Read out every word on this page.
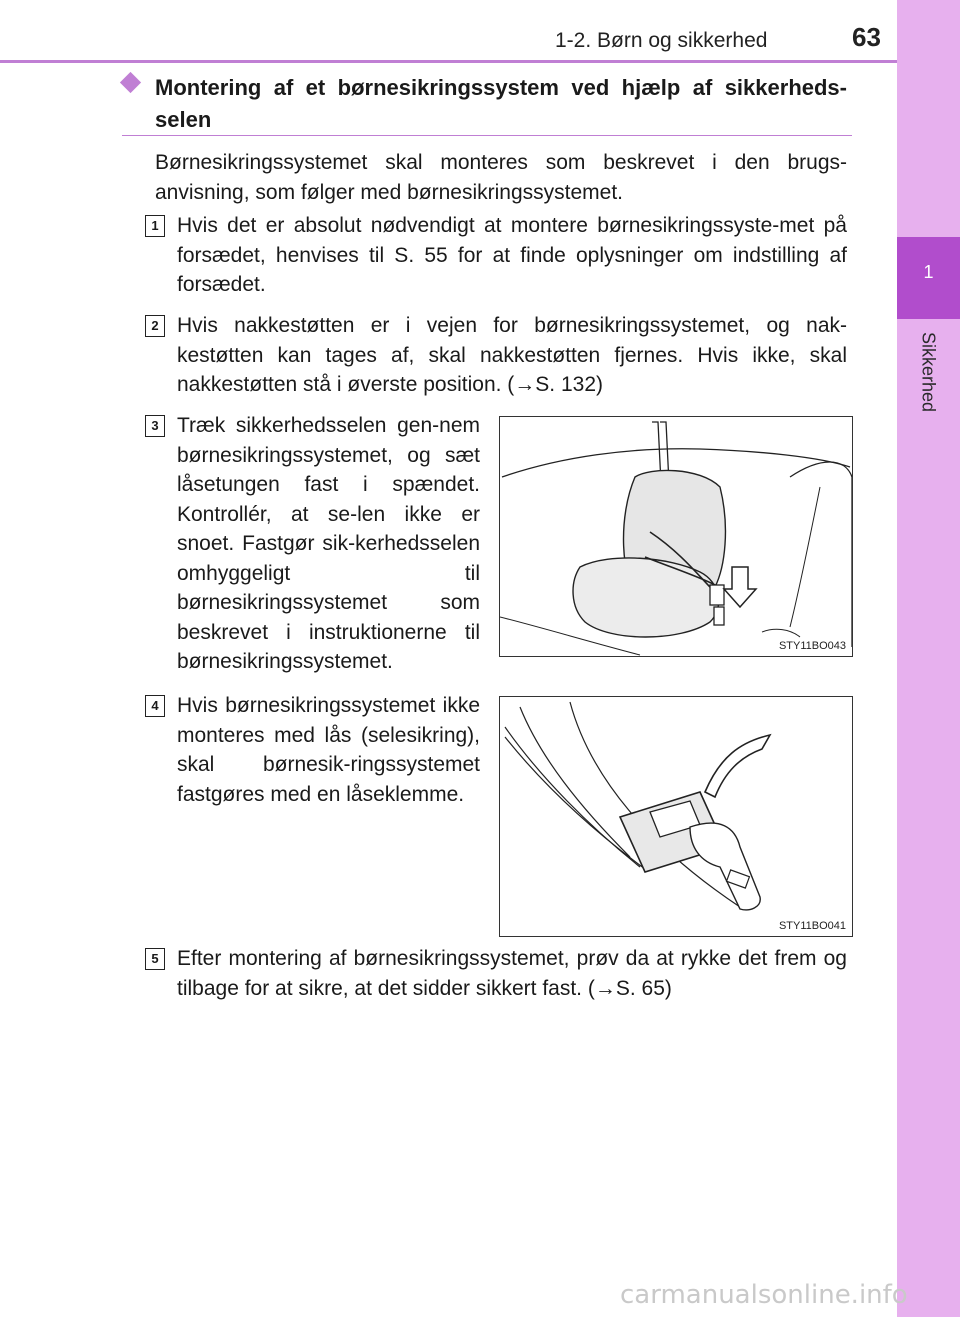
1-2. Børn og sikkerhed	63
1
Sikkerhed
Montering af et børnesikringssystem ved hjælp af sikkerheds-selen

Børnesikringssystemet skal monteres som beskrevet i den brugs-anvisning, som følger med børnesikringssystemet.

1 Hvis det er absolut nødvendigt at montere børnesikringssyste-met på forsædet, henvises til S. 55 for at finde oplysninger om indstilling af forsædet.

2 Hvis nakkestøtten er i vejen for børnesikringssystemet, og nak-kestøtten kan tages af, skal nakkestøtten fjernes. Hvis ikke, skal nakkestøtten stå i øverste position. (→S. 132)

3 Træk sikkerhedsselen gen-nem børnesikringssystemet, og sæt låsetungen fast i spændet. Kontrollér, at se-len ikke er snoet. Fastgør sik-kerhedsselen omhyggeligt til børnesikringssystemet som beskrevet i instruktionerne til børnesikringssystemet.

STY11BO043
4 Hvis børnesikringssystemet ikke monteres med lås (selesikring), skal børnesik-ringssystemet fastgøres med en låseklemme.

STY11BO041
5 Efter montering af børnesikringssystemet, prøv da at rykke det frem og tilbage for at sikre, at det sidder sikkert fast. (→S. 65)

carmanualsonline.info
